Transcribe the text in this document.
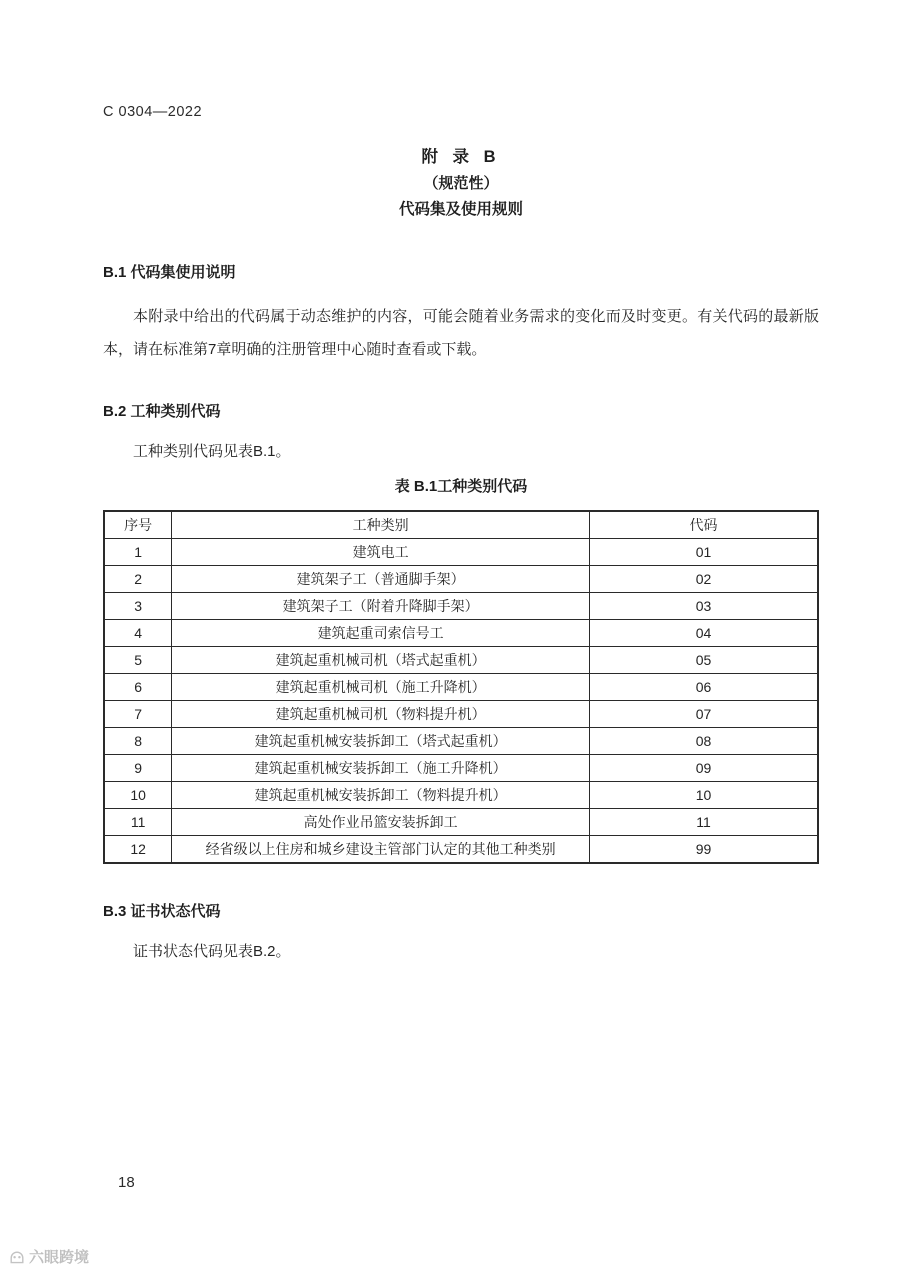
C 0304—2022
附 录 B
（规范性）
代码集及使用规则
B.1 代码集使用说明

本附录中给出的代码属于动态维护的内容，可能会随着业务需求的变化而及时变更。有关代码的最新版本，请在标准第7章明确的注册管理中心随时查看或下载。

B.2 工种类别代码

工种类别代码见表B.1。

表 B.1工种类别代码
序号	工种类别	代码
1	建筑电工	01
2	建筑架子工（普通脚手架）	02
3	建筑架子工（附着升降脚手架）	03
4	建筑起重司索信号工	04
5	建筑起重机械司机（塔式起重机）	05
6	建筑起重机械司机（施工升降机）	06
7	建筑起重机械司机（物料提升机）	07
8	建筑起重机械安装拆卸工（塔式起重机）	08
9	建筑起重机械安装拆卸工（施工升降机）	09
10	建筑起重机械安装拆卸工（物料提升机）	10
11	高处作业吊篮安装拆卸工	11
12	经省级以上住房和城乡建设主管部门认定的其他工种类别	99
B.3 证书状态代码

证书状态代码见表B.2。

18
六眼跨境
